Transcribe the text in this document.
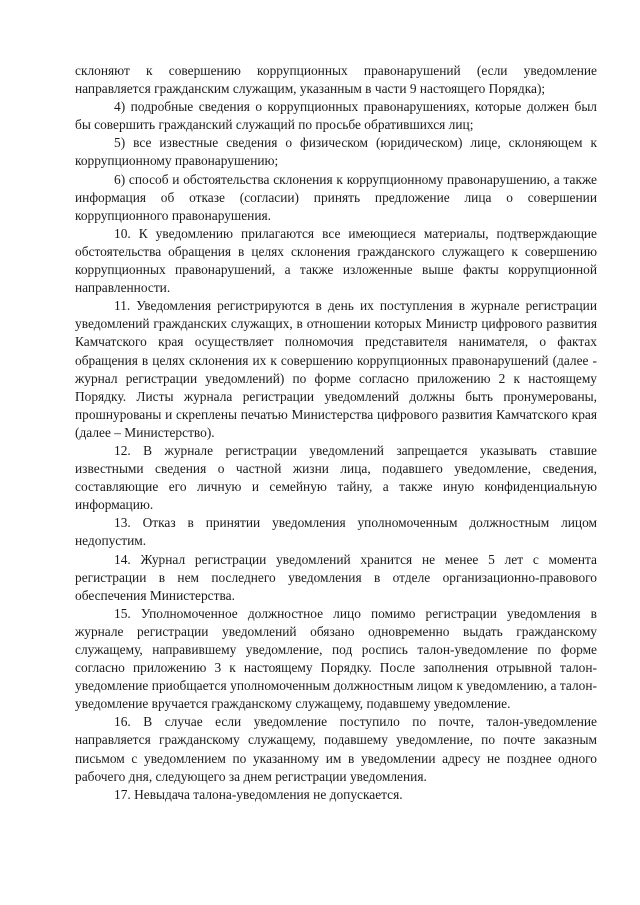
склоняют к совершению коррупционных правонарушений (если уведомление направляется гражданским служащим, указанным в части 9 настоящего Порядка);

4) подробные сведения о коррупционных правонарушениях, которые должен был бы совершить гражданский служащий по просьбе обратившихся лиц;

5) все известные сведения о физическом (юридическом) лице, склоняющем к коррупционному правонарушению;

6) способ и обстоятельства склонения к коррупционному правонарушению, а также информация об отказе (согласии) принять предложение лица о совершении коррупционного правонарушения.

10. К уведомлению прилагаются все имеющиеся материалы, подтверждающие обстоятельства обращения в целях склонения гражданского служащего к совершению коррупционных правонарушений, а также изложенные выше факты коррупционной направленности.

11. Уведомления регистрируются в день их поступления в журнале регистрации уведомлений гражданских служащих, в отношении которых Министр цифрового развития Камчатского края осуществляет полномочия представителя нанимателя, о фактах обращения в целях склонения их к совершению коррупционных правонарушений (далее - журнал регистрации уведомлений) по форме согласно приложению 2 к настоящему Порядку. Листы журнала регистрации уведомлений должны быть пронумерованы, прошнурованы и скреплены печатью Министерства цифрового развития Камчатского края (далее – Министерство).

12. В журнале регистрации уведомлений запрещается указывать ставшие известными сведения о частной жизни лица, подавшего уведомление, сведения, составляющие его личную и семейную тайну, а также иную конфиденциальную информацию.

13. Отказ в принятии уведомления уполномоченным должностным лицом недопустим.

14. Журнал регистрации уведомлений хранится не менее 5 лет с момента регистрации в нем последнего уведомления в отделе организационно-правового обеспечения Министерства.

15. Уполномоченное должностное лицо помимо регистрации уведомления в журнале регистрации уведомлений обязано одновременно выдать гражданскому служащему, направившему уведомление, под роспись талон-уведомление по форме согласно приложению 3 к настоящему Порядку. После заполнения отрывной талон-уведомление приобщается уполномоченным должностным лицом к уведомлению, а талон-уведомление вручается гражданскому служащему, подавшему уведомление.

16. В случае если уведомление поступило по почте, талон-уведомление направляется гражданскому служащему, подавшему уведомление, по почте заказным письмом с уведомлением по указанному им в уведомлении адресу не позднее одного рабочего дня, следующего за днем регистрации уведомления.

17. Невыдача талона-уведомления не допускается.
